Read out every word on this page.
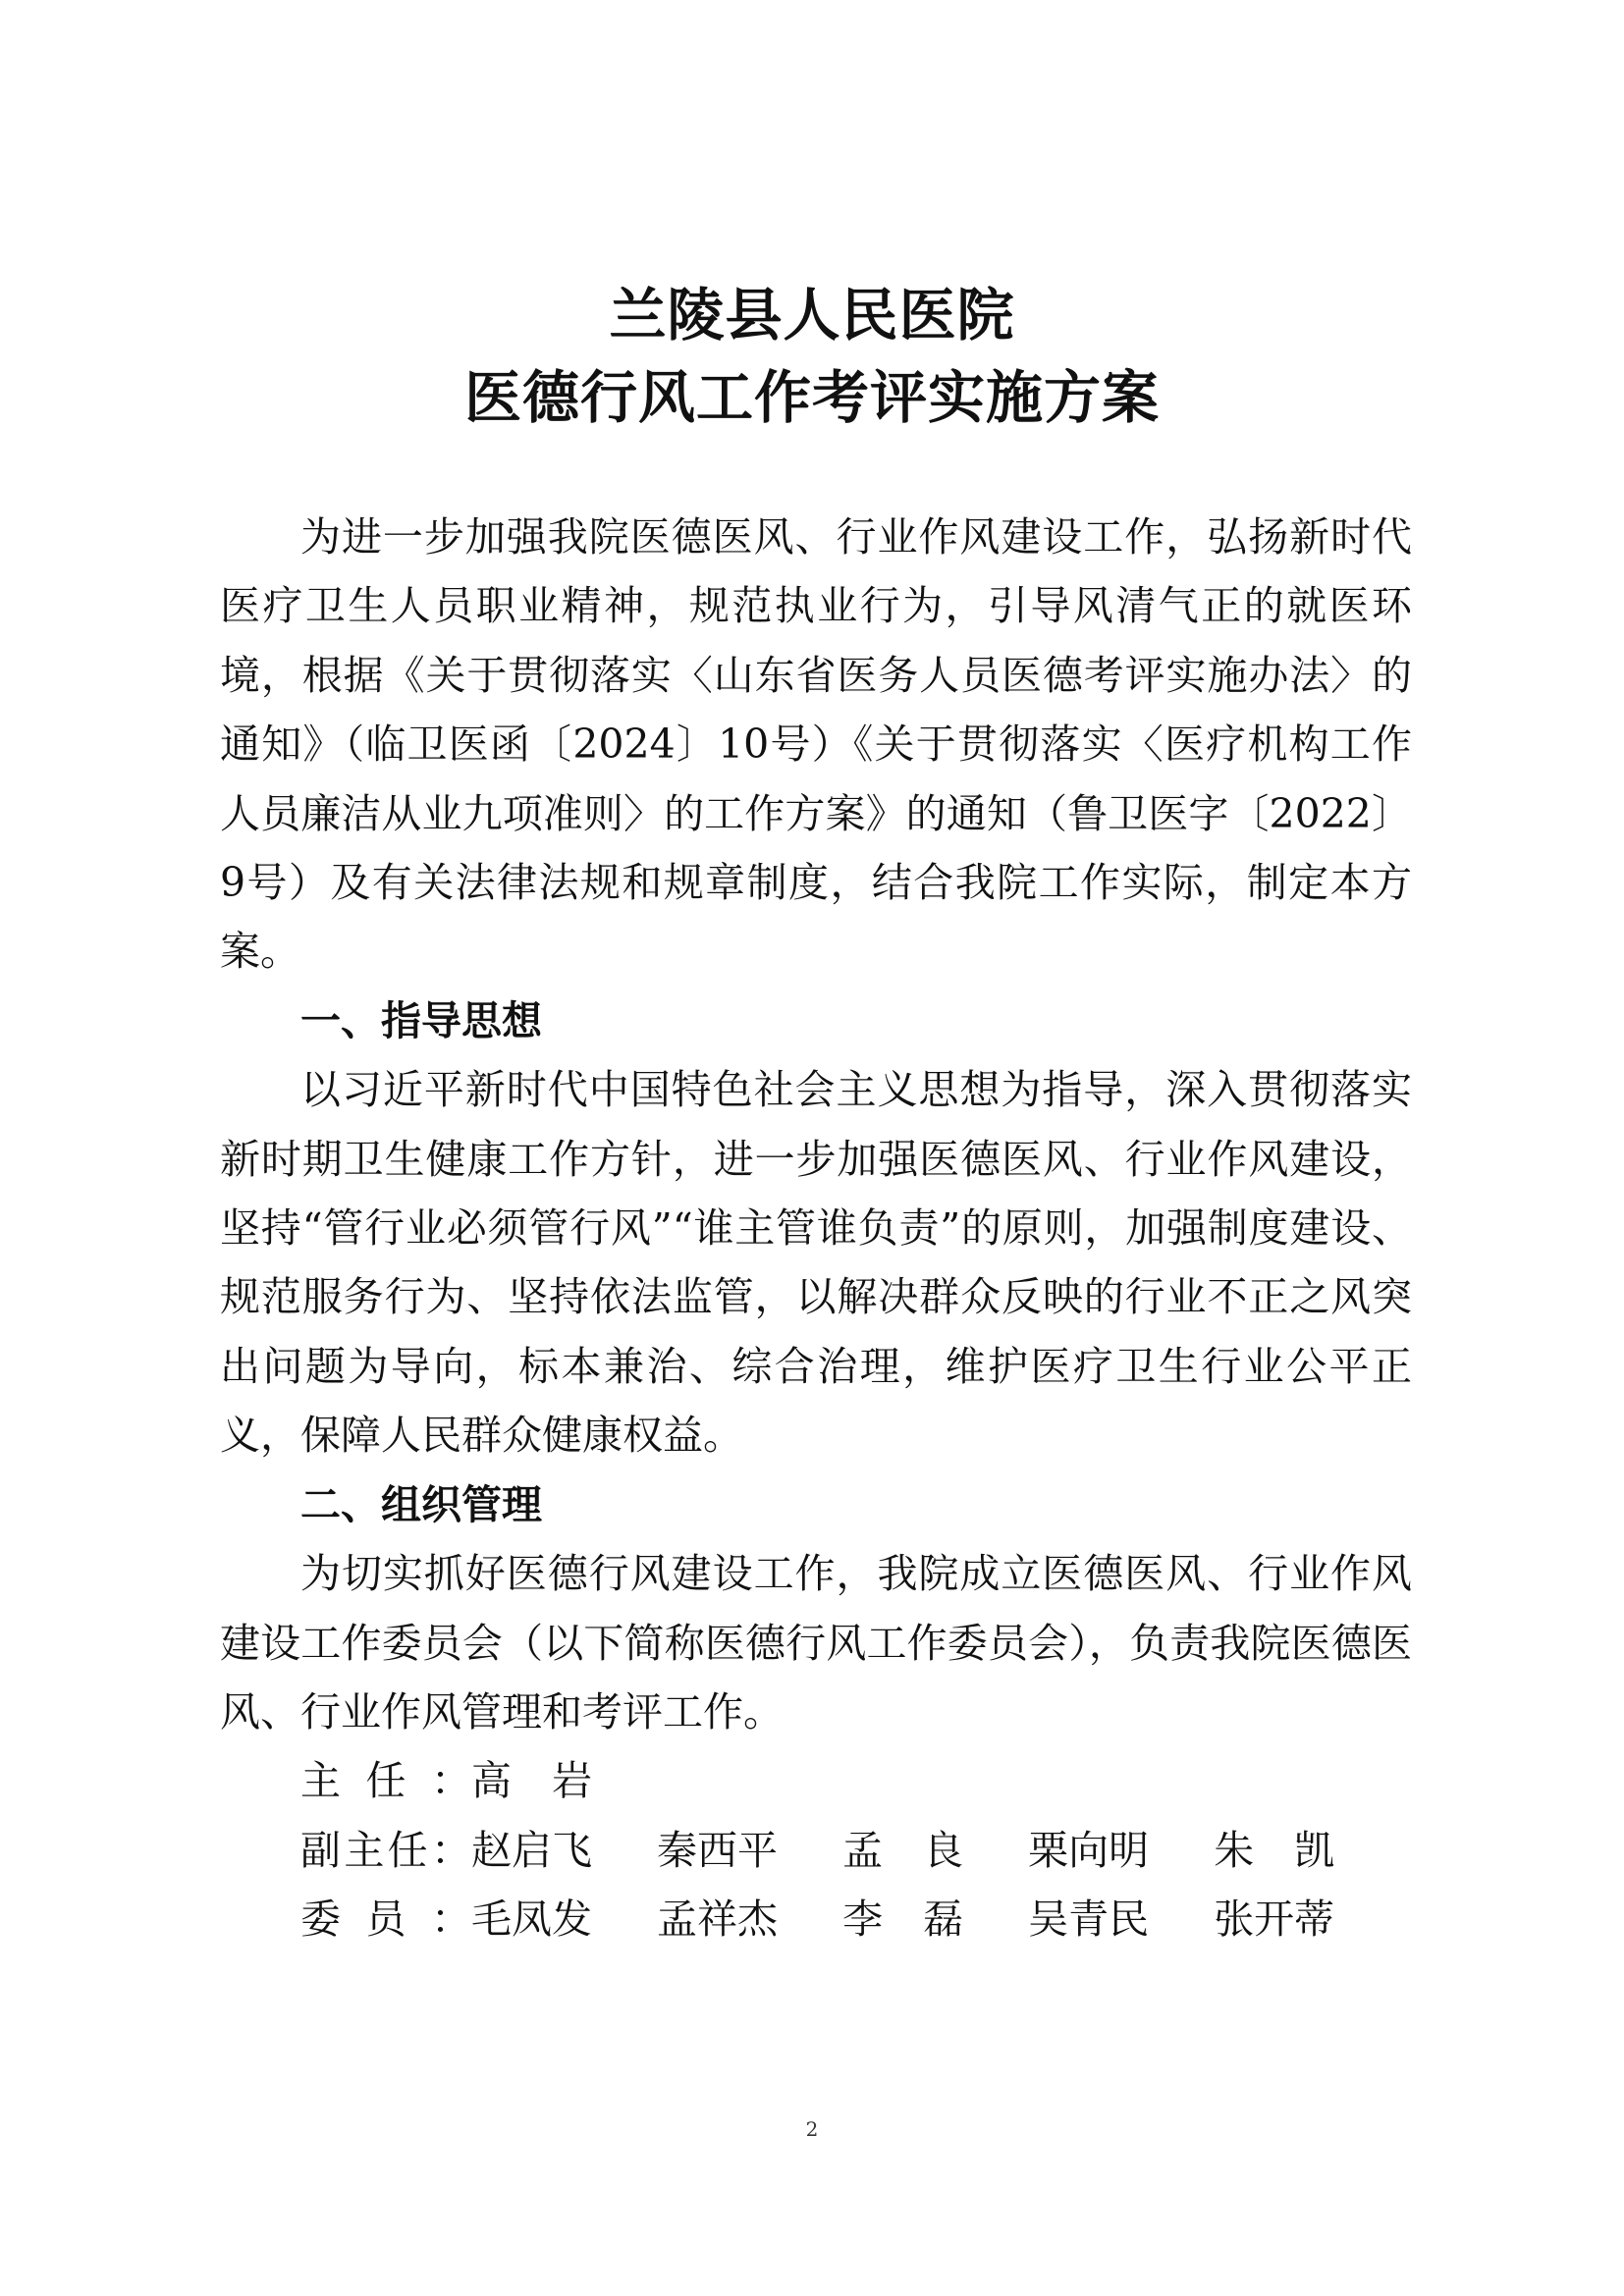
兰陵县人民医院
医德行风工作考评实施方案

为进一步加强我院医德医风、行业作风建设工作，弘扬新时代医疗卫生人员职业精神，规范执业行为，引导风清气正的就医环境，根据《关于贯彻落实〈山东省医务人员医德考评实施办法〉的通知》（临卫医函〔2024〕10号）《关于贯彻落实〈医疗机构工作人员廉洁从业九项准则〉的工作方案》的通知（鲁卫医字〔2022〕9号）及有关法律法规和规章制度，结合我院工作实际，制定本方案。

一、指导思想

以习近平新时代中国特色社会主义思想为指导，深入贯彻落实新时期卫生健康工作方针，进一步加强医德医风、行业作风建设，坚持“管行业必须管行风”“谁主管谁负责”的原则，加强制度建设、规范服务行为、坚持依法监管，以解决群众反映的行业不正之风突出问题为导向，标本兼治、综合治理，维护医疗卫生行业公平正义，保障人民群众健康权益。

二、组织管理

为切实抓好医德行风建设工作，我院成立医德医风、行业作风建设工作委员会（以下简称医德行风工作委员会），负责我院医德医风、行业作风管理和考评工作。

主任： 高　岩
副主任： 赵启飞 秦西平 孟　良 栗向明 朱　凯
委员： 毛凤发 孟祥杰 李　磊 吴青民 张开蒂
2
